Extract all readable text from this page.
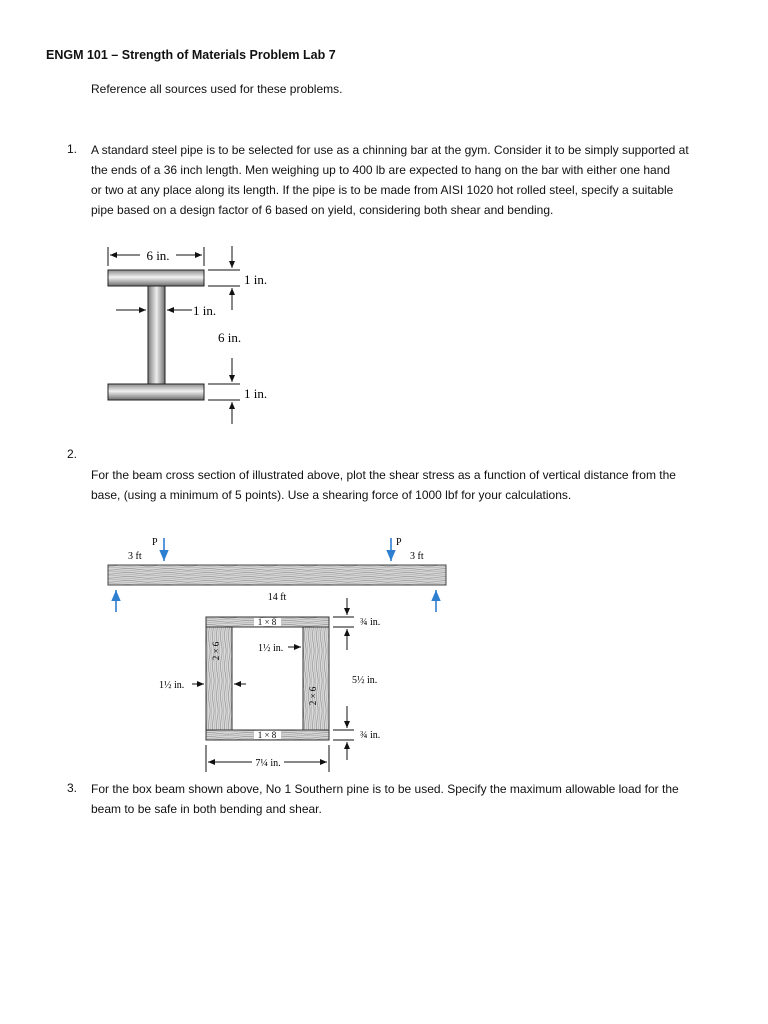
ENGM 101 – Strength of Materials Problem Lab 7
Reference all sources used for these problems.
1. A standard steel pipe is to be selected for use as a chinning bar at the gym. Consider it to be simply supported at
the ends of a 36 inch length. Men weighing up to 400 lb are expected to hang on the bar with either one hand
or two at any place along its length. If the pipe is to be made from AISI 1020 hot rolled steel, specify a suitable
pipe based on a design factor of 6 based on yield, considering both shear and bending.
6 in.
1 in.
6 in.
1 in.
1 in.
P
3 ft
P
3 ft
14 ft
1 × 8
1 × 8
2 × 6
2 × 6
1½ in.
1½ in.
¾ in.
5½ in.
¾ in.
7¼ in.
2.
For the beam cross section of illustrated above, plot the shear stress as a function of vertical distance from the
base, (using a minimum of 5 points). Use a shearing force of 1000 lbf for your calculations.
3. For the box beam shown above, No 1 Southern pine is to be used. Specify the maximum allowable load for the
beam to be safe in both bending and shear.
